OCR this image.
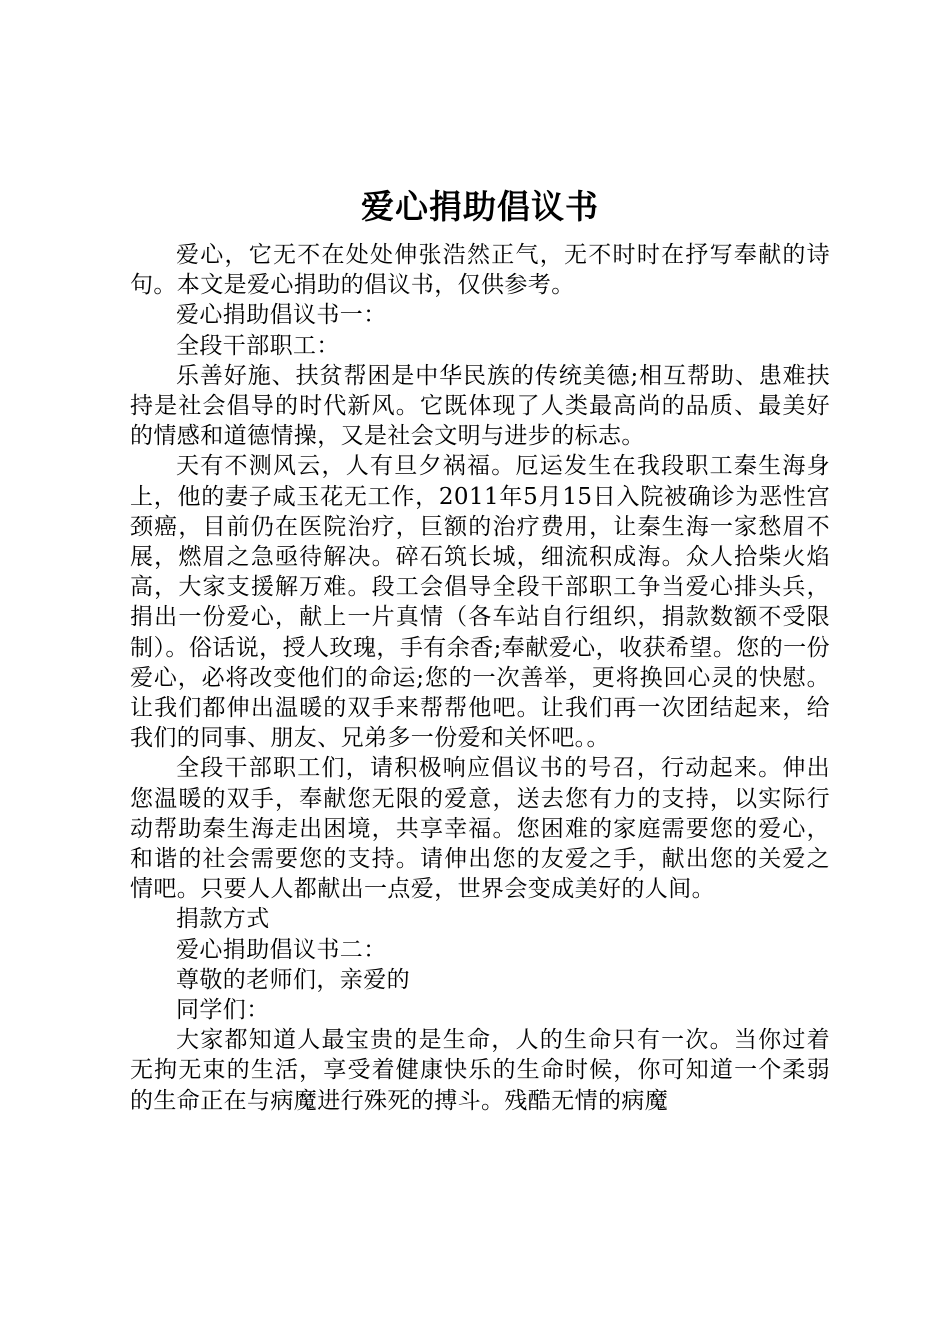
爱心捐助倡议书

爱心，它无不在处处伸张浩然正气，无不时时在抒写奉献的诗句。本文是爱心捐助的倡议书，仅供参考。

爱心捐助倡议书一：

全段干部职工：

乐善好施、扶贫帮困是中华民族的传统美德;相互帮助、患难扶持是社会倡导的时代新风。它既体现了人类最高尚的品质、最美好的情感和道德情操，又是社会文明与进步的标志。

天有不测风云，人有旦夕祸福。厄运发生在我段职工秦生海身上，他的妻子咸玉花无工作，2011年5月15日入院被确诊为恶性宫颈癌，目前仍在医院治疗，巨额的治疗费用，让秦生海一家愁眉不展，燃眉之急亟待解决。碎石筑长城，细流积成海。众人拾柴火焰高，大家支援解万难。段工会倡导全段干部职工争当爱心排头兵，捐出一份爱心，献上一片真情（各车站自行组织，捐款数额不受限制）。俗话说，授人玫瑰，手有余香;奉献爱心，收获希望。您的一份爱心，必将改变他们的命运;您的一次善举，更将换回心灵的快慰。让我们都伸出温暖的双手来帮帮他吧。让我们再一次团结起来，给我们的同事、朋友、兄弟多一份爱和关怀吧。。

全段干部职工们，请积极响应倡议书的号召，行动起来。伸出您温暖的双手，奉献您无限的爱意，送去您有力的支持，以实际行动帮助秦生海走出困境，共享幸福。您困难的家庭需要您的爱心，和谐的社会需要您的支持。请伸出您的友爱之手，献出您的关爱之情吧。只要人人都献出一点爱，世界会变成美好的人间。

捐款方式

爱心捐助倡议书二：

尊敬的老师们，亲爱的

同学们：

大家都知道人最宝贵的是生命，人的生命只有一次。当你过着无拘无束的生活，享受着健康快乐的生命时候，你可知道一个柔弱的生命正在与病魔进行殊死的搏斗。残酷无情的病魔
